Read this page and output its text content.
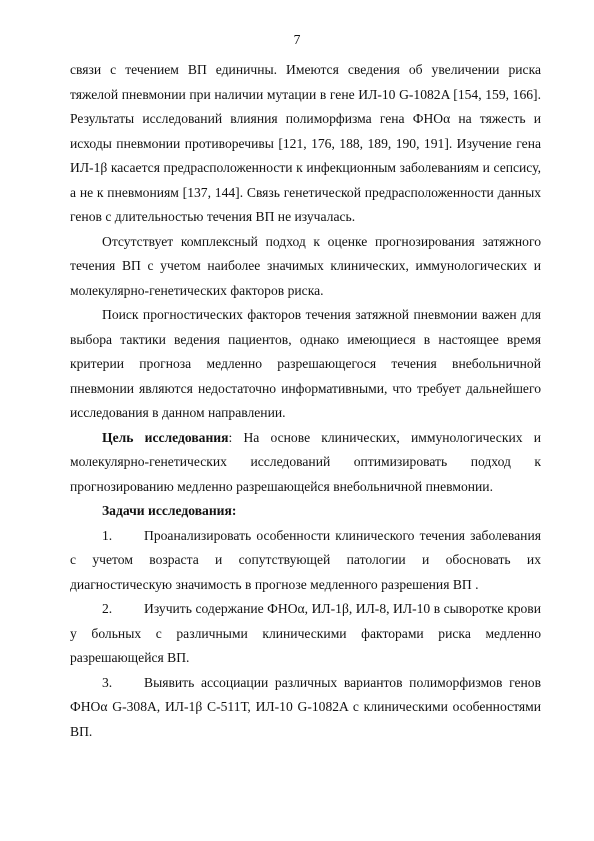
7

связи с течением ВП единичны. Имеются сведения об увеличении риска тяжелой пневмонии при наличии мутации в гене ИЛ-10 G-1082A [154, 159, 166]. Результаты исследований влияния полиморфизма гена ФНОα на тяжесть и исходы пневмонии противоречивы [121, 176, 188, 189, 190, 191]. Изучение гена ИЛ-1β касается предрасположенности к инфекционным заболеваниям и сепсису, а не к пневмониям [137, 144]. Связь генетической предрасположенности данных генов с длительностью течения ВП не изучалась.

Отсутствует комплексный подход к оценке прогнозирования затяжного течения ВП с учетом наиболее значимых клинических, иммунологических и молекулярно-генетических факторов риска.

Поиск прогностических факторов течения затяжной пневмонии важен для выбора тактики ведения пациентов, однако имеющиеся в настоящее время критерии прогноза медленно разрешающегося течения внебольничной пневмонии являются недостаточно информативными, что требует дальнейшего исследования в данном направлении.

Цель исследования: На основе клинических, иммунологических и молекулярно-генетических исследований оптимизировать подход к прогнозированию медленно разрешающейся внебольничной пневмонии.

Задачи исследования:

1. Проанализировать особенности клинического течения заболевания с учетом возраста и сопутствующей патологии и обосновать их диагностическую значимость в прогнозе медленного разрешения ВП .

2. Изучить содержание ФНОα, ИЛ-1β, ИЛ-8, ИЛ-10 в сыворотке крови у больных с различными клиническими факторами риска медленно разрешающейся ВП.

3. Выявить ассоциации различных вариантов полиморфизмов генов ФНОα G-308A, ИЛ-1β С-511Т, ИЛ-10 G-1082A с клиническими особенностями ВП.
